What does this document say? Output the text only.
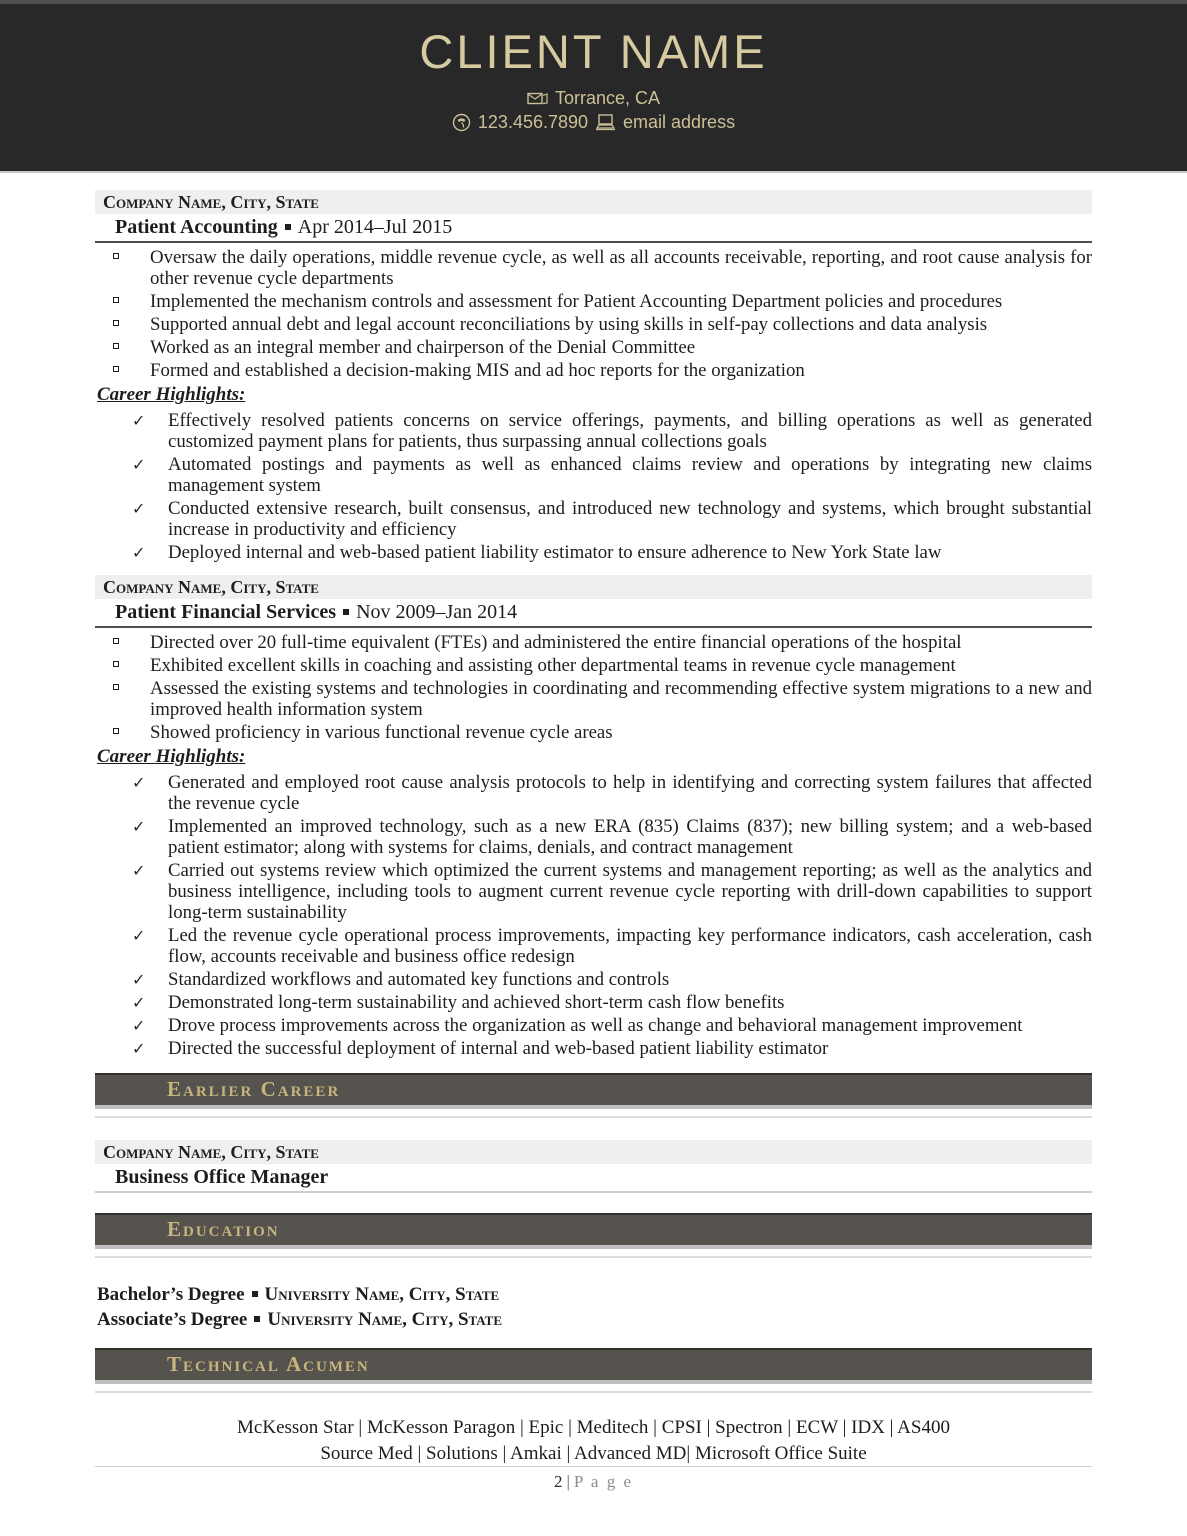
CLIENT NAME
Torrance, CA
123.456.7890 email address
Company Name, City, State
Patient Accounting Apr 2014–Jul 2015
Oversaw the daily operations, middle revenue cycle, as well as all accounts receivable, reporting, and root cause analysis for other revenue cycle departments
Implemented the mechanism controls and assessment for Patient Accounting Department policies and procedures
Supported annual debt and legal account reconciliations by using skills in self-pay collections and data analysis
Worked as an integral member and chairperson of the Denial Committee
Formed and established a decision-making MIS and ad hoc reports for the organization
Career Highlights:
✓ Effectively resolved patients concerns on service offerings, payments, and billing operations as well as generated customized payment plans for patients, thus surpassing annual collections goals
✓ Automated postings and payments as well as enhanced claims review and operations by integrating new claims management system
✓ Conducted extensive research, built consensus, and introduced new technology and systems, which brought substantial increase in productivity and efficiency
✓ Deployed internal and web-based patient liability estimator to ensure adherence to New York State law
Company Name, City, State
Patient Financial Services Nov 2009–Jan 2014
Directed over 20 full-time equivalent (FTEs) and administered the entire financial operations of the hospital
Exhibited excellent skills in coaching and assisting other departmental teams in revenue cycle management
Assessed the existing systems and technologies in coordinating and recommending effective system migrations to a new and improved health information system
Showed proficiency in various functional revenue cycle areas
Career Highlights:
✓ Generated and employed root cause analysis protocols to help in identifying and correcting system failures that affected the revenue cycle
✓ Implemented an improved technology, such as a new ERA (835) Claims (837); new billing system; and a web-based patient estimator; along with systems for claims, denials, and contract management
✓ Carried out systems review which optimized the current systems and management reporting; as well as the analytics and business intelligence, including tools to augment current revenue cycle reporting with drill-down capabilities to support long-term sustainability
✓ Led the revenue cycle operational process improvements, impacting key performance indicators, cash acceleration, cash flow, accounts receivable and business office redesign
✓ Standardized workflows and automated key functions and controls
✓ Demonstrated long-term sustainability and achieved short-term cash flow benefits
✓ Drove process improvements across the organization as well as change and behavioral management improvement
✓ Directed the successful deployment of internal and web-based patient liability estimator
Earlier Career
Company Name, City, State
Business Office Manager
Education
Bachelor’s Degree University Name, City, State
Associate’s Degree University Name, City, State
Technical Acumen
McKesson Star | McKesson Paragon | Epic | Meditech | CPSI | Spectron | ECW | IDX | AS400
Source Med | Solutions | Amkai | Advanced MD| Microsoft Office Suite
2 | P a g e
